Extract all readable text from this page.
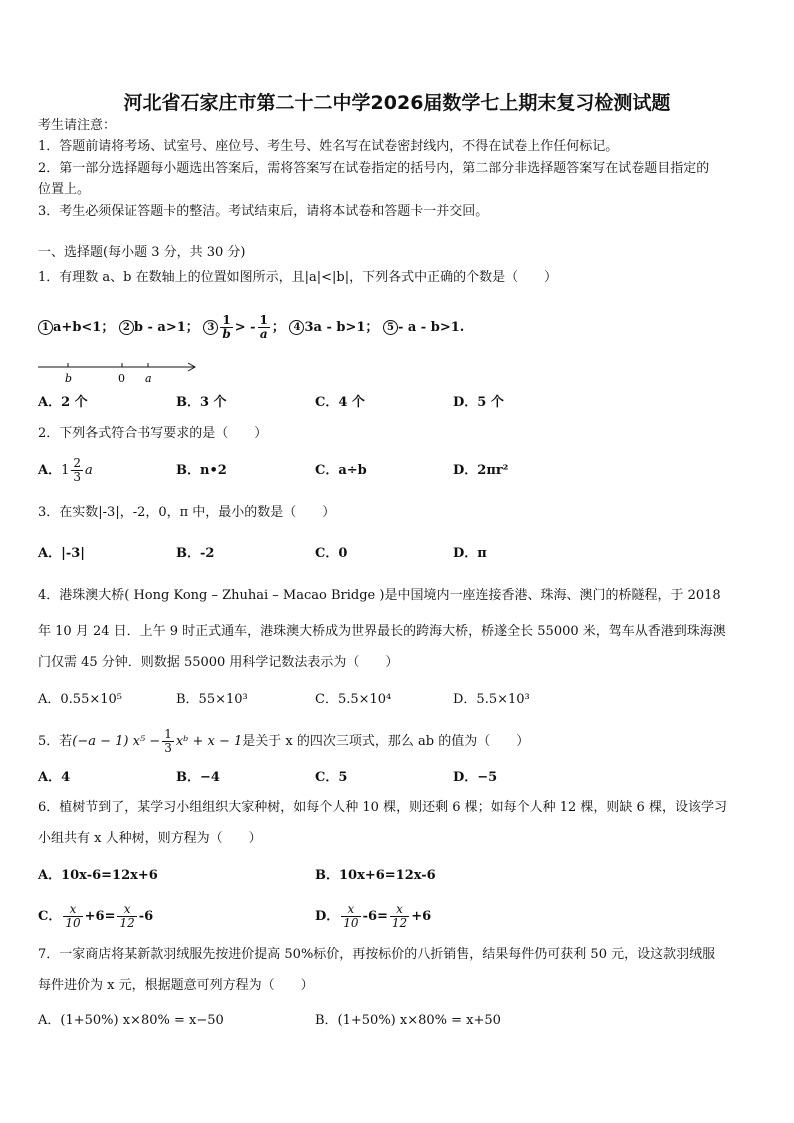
河北省石家庄市第二十二中学2026届数学七上期末复习检测试题
考生请注意：
1．答题前请将考场、试室号、座位号、考生号、姓名写在试卷密封线内，不得在试卷上作任何标记。
2．第一部分选择题每小题选出答案后，需将答案写在试卷指定的括号内，第二部分非选择题答案写在试卷题目指定的
位置上。
3．考生必须保证答题卡的整洁。考试结束后，请将本试卷和答题卡一并交回。
一、选择题(每小题 3 分，共 30 分)
1．有理数 a、b 在数轴上的位置如图所示，且|a|<|b|，下列各式中正确的个数是（　　）
1 a+b<1； 2 b - a>1； $3 \frac{1}{b}$ > - $\frac{1}{a}$ ； 4 3a - b>1； 5 - a - b>1.
b	0 a
A．2 个	B．3 个	C．4 个	D．5 个
2．下列各式符合书写要求的是（　　）
A．$1 \frac{2}{3}$ a	B．n•2	C．a÷b	D．2πr²
3．在实数|-3|，-2，0，π 中，最小的数是（　　）
A．|-3|	B．-2	C．0	D．π
4．港珠澳大桥( Hong Kong – Zhuhai – Macao Bridge )是中国境内一座连接香港、珠海、澳门的桥隧程，于 2018
年 10 月 24 日．上午 9 时正式通车，港珠澳大桥成为世界最长的跨海大桥，桥遂全长 55000 米，驾车从香港到珠海澳
门仅需 45 分钟．则数据 55000 用科学记数法表示为（　　）
A．0.55×10⁵	B．55×10³	C．5.5×10⁴	D．5.5×10³
5．若(−a − 1) $x^5 - \frac{1}{3}$ xᵇ + x − 1是关于 x 的四次三项式，那么 ab 的值为（　　）
A．4	B．−4	C．5	D．−5
6．植树节到了，某学习小组组织大家种树，如每个人种 10 棵，则还剩 6 棵；如每个人种 12 棵，则缺 6 棵，设该学习
小组共有 x 人种树，则方程为（　　）
A．10x-6=12x+6	B．10x+6=12x-6
C． $\frac{x}{10} +6= \frac{x}{12} -6$	D． $\frac{x}{10} -6= \frac{x}{12} +6$
7．一家商店将某新款羽绒服先按进价提高 50%标价，再按标价的八折销售，结果每件仍可获利 50 元，设这款羽绒服
每件进价为 x 元，根据题意可列方程为（　　）
A．(1+50%) x×80% = x−50	B．(1+50%) x×80% = x+50
